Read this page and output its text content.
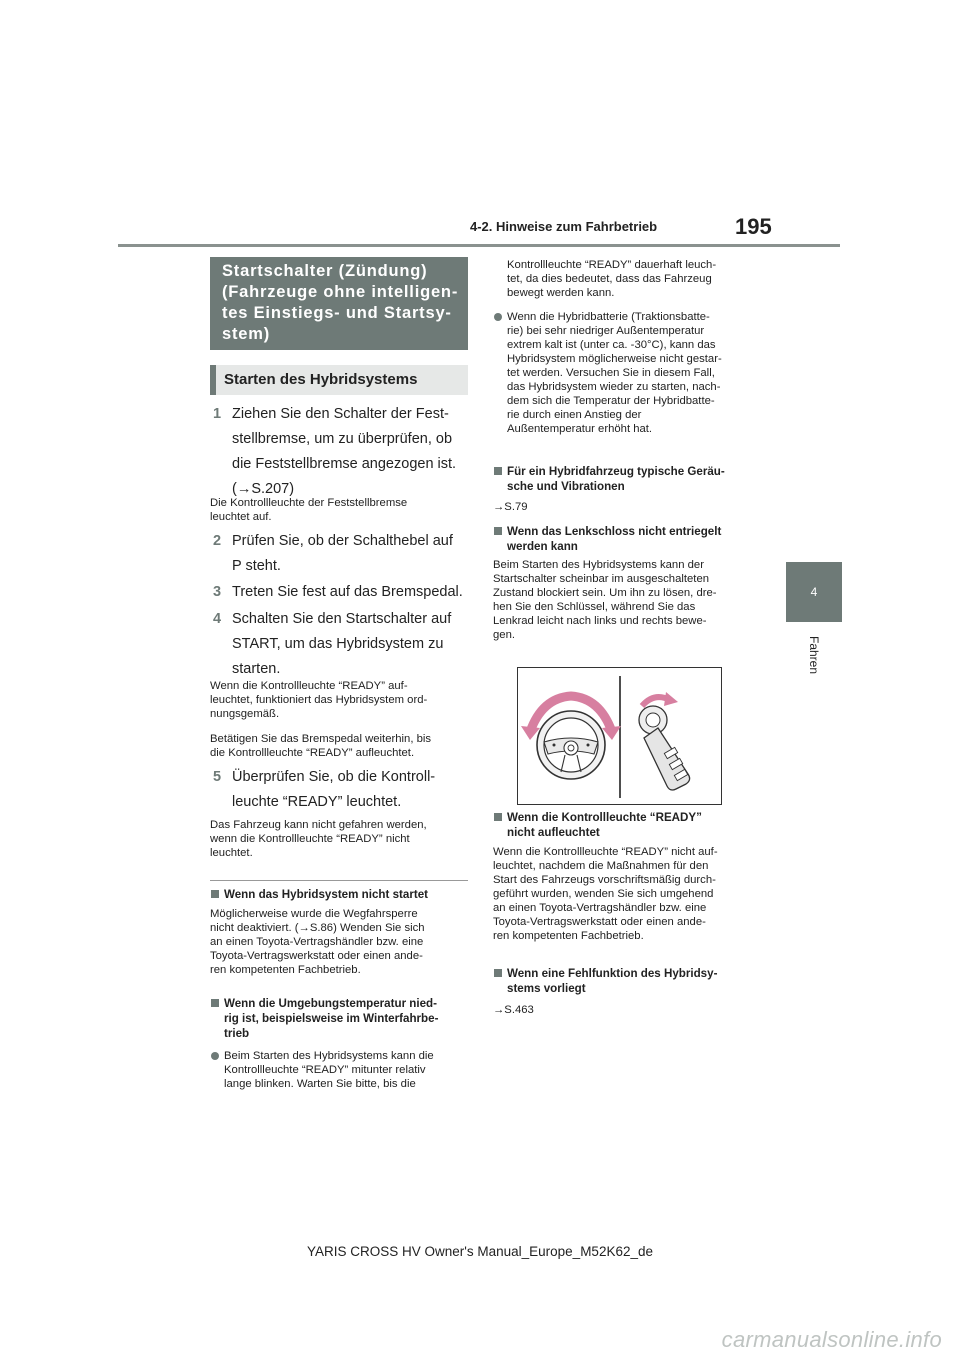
4-2. Hinweise zum Fahrbetrieb	195
4
Fahren
Startschalter (Zündung)
(Fahrzeuge ohne intelligen-
tes Einstiegs- und Startsy-
stem)
Starten des Hybridsystems
1 Ziehen Sie den Schalter der Fest-

stellbremse, um zu überprüfen, ob

die Feststellbremse angezogen ist.

(→S.207)

Die Kontrollleuchte der Feststellbremse

leuchtet auf.

2 Prüfen Sie, ob der Schalthebel auf

P steht.

3 Treten Sie fest auf das Bremspedal.

4 Schalten Sie den Startschalter auf

START, um das Hybridsystem zu

starten.

Wenn die Kontrollleuchte “READY” auf-

leuchtet, funktioniert das Hybridsystem ord-

nungsgemäß.

Betätigen Sie das Bremspedal weiterhin, bis

die Kontrollleuchte “READY” aufleuchtet.

5 Überprüfen Sie, ob die Kontroll-

leuchte “READY” leuchtet.

Das Fahrzeug kann nicht gefahren werden,

wenn die Kontrollleuchte “READY” nicht

leuchtet.

Wenn das Hybridsystem nicht startet

Möglicherweise wurde die Wegfahrsperre

nicht deaktiviert. (→S.86) Wenden Sie sich

an einen Toyota-Vertragshändler bzw. eine

Toyota-Vertragswerkstatt oder einen ande-

ren kompetenten Fachbetrieb.

Wenn die Umgebungstemperatur nied-

rig ist, beispielsweise im Winterfahrbe-

trieb

Beim Starten des Hybridsystems kann die

Kontrollleuchte “READY” mitunter relativ

lange blinken. Warten Sie bitte, bis die

Kontrollleuchte “READY” dauerhaft leuch-

tet, da dies bedeutet, dass das Fahrzeug

bewegt werden kann.

Wenn die Hybridbatterie (Traktionsbatte-

rie) bei sehr niedriger Außentemperatur

extrem kalt ist (unter ca. -30°C), kann das

Hybridsystem möglicherweise nicht gestar-

tet werden. Versuchen Sie in diesem Fall,

das Hybridsystem wieder zu starten, nach-

dem sich die Temperatur der Hybridbatte-

rie durch einen Anstieg der

Außentemperatur erhöht hat.

Für ein Hybridfahrzeug typische Geräu-

sche und Vibrationen

→S.79

Wenn das Lenkschloss nicht entriegelt

werden kann

Beim Starten des Hybridsystems kann der

Startschalter scheinbar im ausgeschalteten

Zustand blockiert sein. Um ihn zu lösen, dre-

hen Sie den Schlüssel, während Sie das

Lenkrad leicht nach links und rechts bewe-

gen.

Wenn die Kontrollleuchte “READY”

nicht aufleuchtet

Wenn die Kontrollleuchte “READY” nicht auf-

leuchtet, nachdem die Maßnahmen für den

Start des Fahrzeugs vorschriftsmäßig durch-

geführt wurden, wenden Sie sich umgehend

an einen Toyota-Vertragshändler bzw. eine

Toyota-Vertragswerkstatt oder einen ande-

ren kompetenten Fachbetrieb.

Wenn eine Fehlfunktion des Hybridsy-

stems vorliegt

→S.463
YARIS CROSS HV Owner's Manual_Europe_M52K62_de
carmanualsonline.info
